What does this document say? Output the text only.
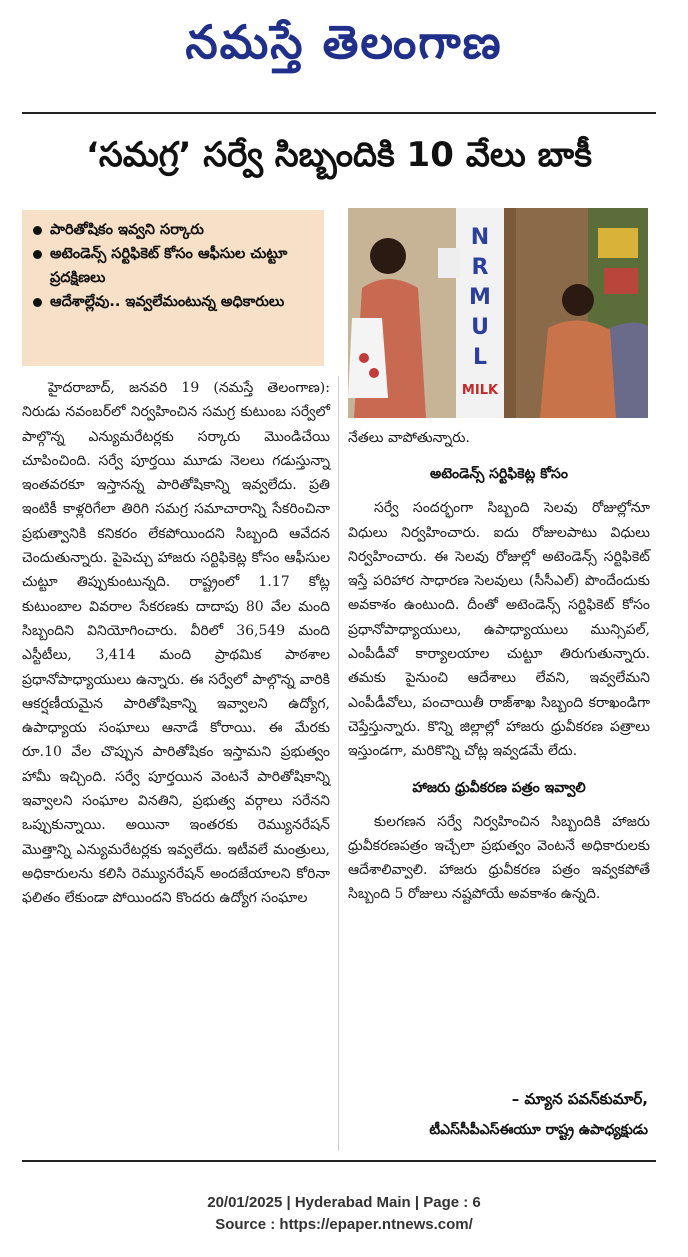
నమస్తే తెలంగాణ
‘సమగ్ర’ సర్వే సిబ్బందికి 10 వేలు బాకీ
పారితోషికం ఇవ్వని సర్కారు
అటెండెన్స్ సర్టిఫికెట్ కోసం ఆఫీసుల చుట్టూ ప్రదక్షిణలు
ఆదేశాల్లేవు.. ఇవ్వలేమంటున్న అధికారులు
N
R
M
U
L
MILK

హైదరాబాద్, జనవరి 19 (నమస్తే తెలంగాణ): నిరుడు నవంబర్‌లో నిర్వహించిన సమగ్ర కుటుంబ సర్వేలో పాల్గొన్న ఎన్యుమరేటర్లకు సర్కారు మొండిచేయి చూపించింది. సర్వే పూర్తయి మూడు నెలలు గడుస్తున్నా ఇంతవరకూ ఇస్తానన్న పారితోషికాన్ని ఇవ్వలేదు. ప్రతి ఇంటికీ కాళ్లరిగేలా తిరిగి సమగ్ర సమాచారాన్ని సేకరించినా ప్రభుత్వానికి కనికరం లేకపోయిందని సిబ్బంది ఆవేదన చెందుతున్నారు. పైపెచ్చు హాజరు సర్టిఫికెట్ల కోసం ఆఫీసుల చుట్టూ తిప్పుకుంటున్నది. రాష్ట్రంలో 1.17 కోట్ల కుటుంబాల వివరాల సేకరణకు దాదాపు 80 వేల మంది సిబ్బందిని వినియోగించారు. వీరిలో 36,549 మంది ఎస్టీటీలు, 3,414 మంది ప్రాథమిక పాఠశాల ప్రధానోపాధ్యాయులు ఉన్నారు. ఈ సర్వేలో పాల్గొన్న వారికి ఆకర్షణీయమైన పారితోషికాన్ని ఇవ్వాలని ఉద్యోగ, ఉపాధ్యాయ సంఘాలు ఆనాడే కోరాయి. ఈ మేరకు రూ.10 వేల చొప్పున పారితోషికం ఇస్తామని ప్రభుత్వం హామీ ఇచ్చింది. సర్వే పూర్తయిన వెంటనే పారితోషికాన్ని ఇవ్వాలని సంఘాల వినతిని, ప్రభుత్వ వర్గాలు సరేనని ఒప్పుకున్నాయి. అయినా ఇంతరకు రెమ్యునరేషన్ మొత్తాన్ని ఎన్యుమరేటర్లకు ఇవ్వలేదు. ఇటీవలే మంత్రులు, అధికారులను కలిసి రెమ్యునరేషన్ అందజేయాలని కోరినా ఫలితం లేకుండా పోయిందని కొందరు ఉద్యోగ సంఘాల

నేతలు వాపోతున్నారు.

అటెండెన్స్ సర్టిఫికెట్ల కోసం

సర్వే సందర్భంగా సిబ్బంది సెలవు రోజుల్లోనూ విధులు నిర్వహించారు. ఐదు రోజులపాటు విధులు నిర్వహించారు. ఈ సెలవు రోజుల్లో అటెండెన్స్ సర్టిఫికెట్ ఇస్తే పరిహార సాధారణ సెలవులు (సీసీఎల్) పొందేందుకు అవకాశం ఉంటుంది. దీంతో అటెండెన్స్ సర్టిఫికెట్ కోసం ప్రధానోపాధ్యాయులు, ఉపాధ్యాయులు మున్సిపల్, ఎంపీడీవో కార్యాలయాల చుట్టూ తిరుగుతున్నారు. తమకు పైనుంచి ఆదేశాలు లేవని, ఇవ్వలేమని ఎంపీడీవోలు, పంచాయితీ రాజ్‌శాఖ సిబ్బంది కరాఖండిగా చెప్తేస్తున్నారు. కొన్ని జిల్లాల్లో హాజరు ధ్రువీకరణ పత్రాలు ఇస్తుండగా, మరికొన్ని చోట్ల ఇవ్వడమే లేదు.

హాజరు ధ్రువీకరణ పత్రం ఇవ్వాలి

కులగణన సర్వే నిర్వహించిన సిబ్బందికి హాజరు ధ్రువీకరణపత్రం ఇచ్చేలా ప్రభుత్వం వెంటనే అధికారులకు ఆదేశాలివ్వాలి. హాజరు ధ్రువీకరణ పత్రం ఇవ్వకపోతే సిబ్బంది 5 రోజులు నష్టపోయే అవకాశం ఉన్నది.

– మ్యాన పవన్‌కుమార్,
టీఎస్‌సీపీఎస్ఈయూ రాష్ట్ర ఉపాధ్యక్షుడు
20/01/2025 | Hyderabad Main | Page : 6
Source : https://epaper.ntnews.com/
